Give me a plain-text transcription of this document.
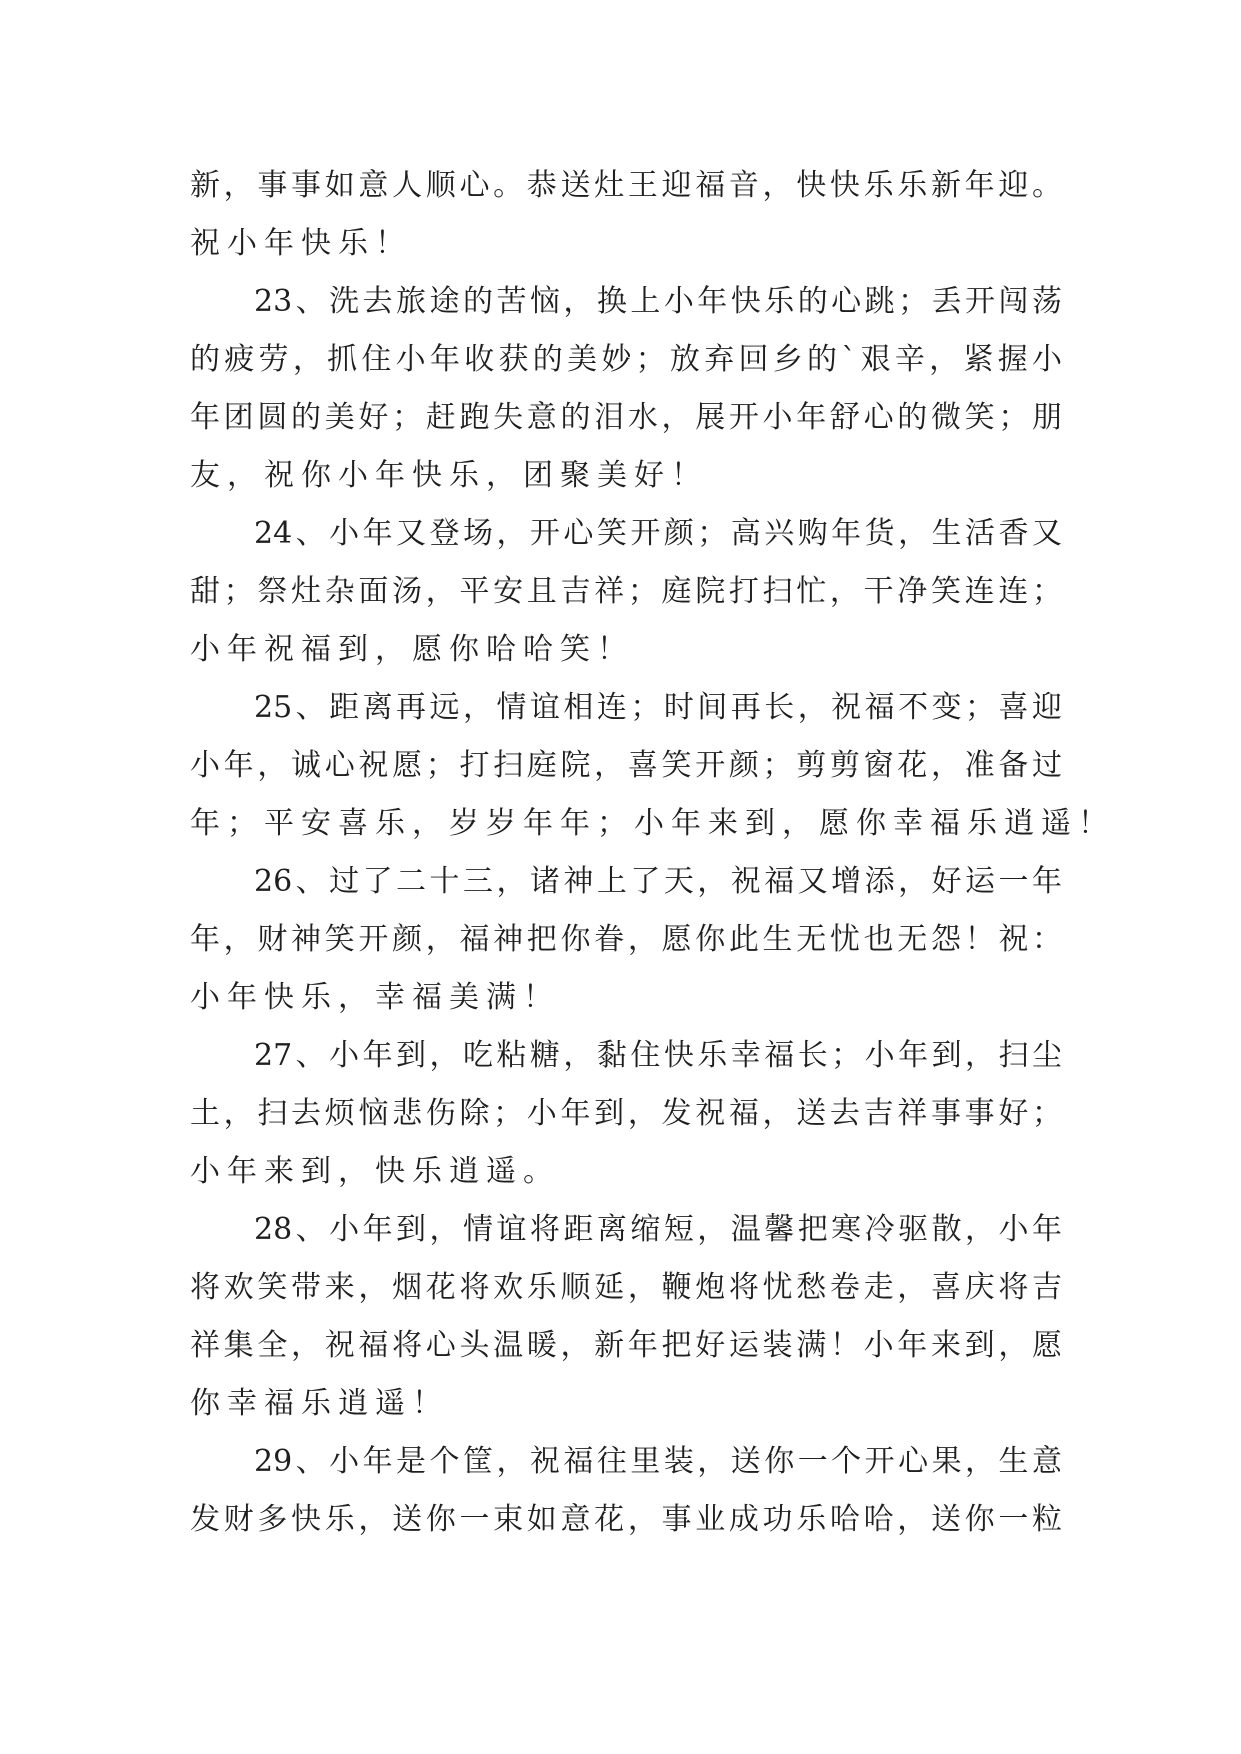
新，事事如意人顺心。恭送灶王迎福音，快快乐乐新年迎。
祝小年快乐！
23、洗去旅途的苦恼，换上小年快乐的心跳；丢开闯荡
的疲劳，抓住小年收获的美妙；放弃回乡的`艰辛，紧握小
年团圆的美好；赶跑失意的泪水，展开小年舒心的微笑；朋
友，祝你小年快乐，团聚美好！
24、小年又登场，开心笑开颜；高兴购年货，生活香又
甜；祭灶杂面汤，平安且吉祥；庭院打扫忙，干净笑连连；
小年祝福到，愿你哈哈笑！
25、距离再远，情谊相连；时间再长，祝福不变；喜迎
小年，诚心祝愿；打扫庭院，喜笑开颜；剪剪窗花，准备过
年；平安喜乐，岁岁年年；小年来到，愿你幸福乐逍遥！
26、过了二十三，诸神上了天，祝福又增添，好运一年
年，财神笑开颜，福神把你眷，愿你此生无忧也无怨！祝：
小年快乐，幸福美满！
27、小年到，吃粘糖，黏住快乐幸福长；小年到，扫尘
土，扫去烦恼悲伤除；小年到，发祝福，送去吉祥事事好；
小年来到，快乐逍遥。
28、小年到，情谊将距离缩短，温馨把寒冷驱散，小年
将欢笑带来，烟花将欢乐顺延，鞭炮将忧愁卷走，喜庆将吉
祥集全，祝福将心头温暖，新年把好运装满！小年来到，愿
你幸福乐逍遥！
29、小年是个筐，祝福往里装，送你一个开心果，生意
发财多快乐，送你一束如意花，事业成功乐哈哈，送你一粒
